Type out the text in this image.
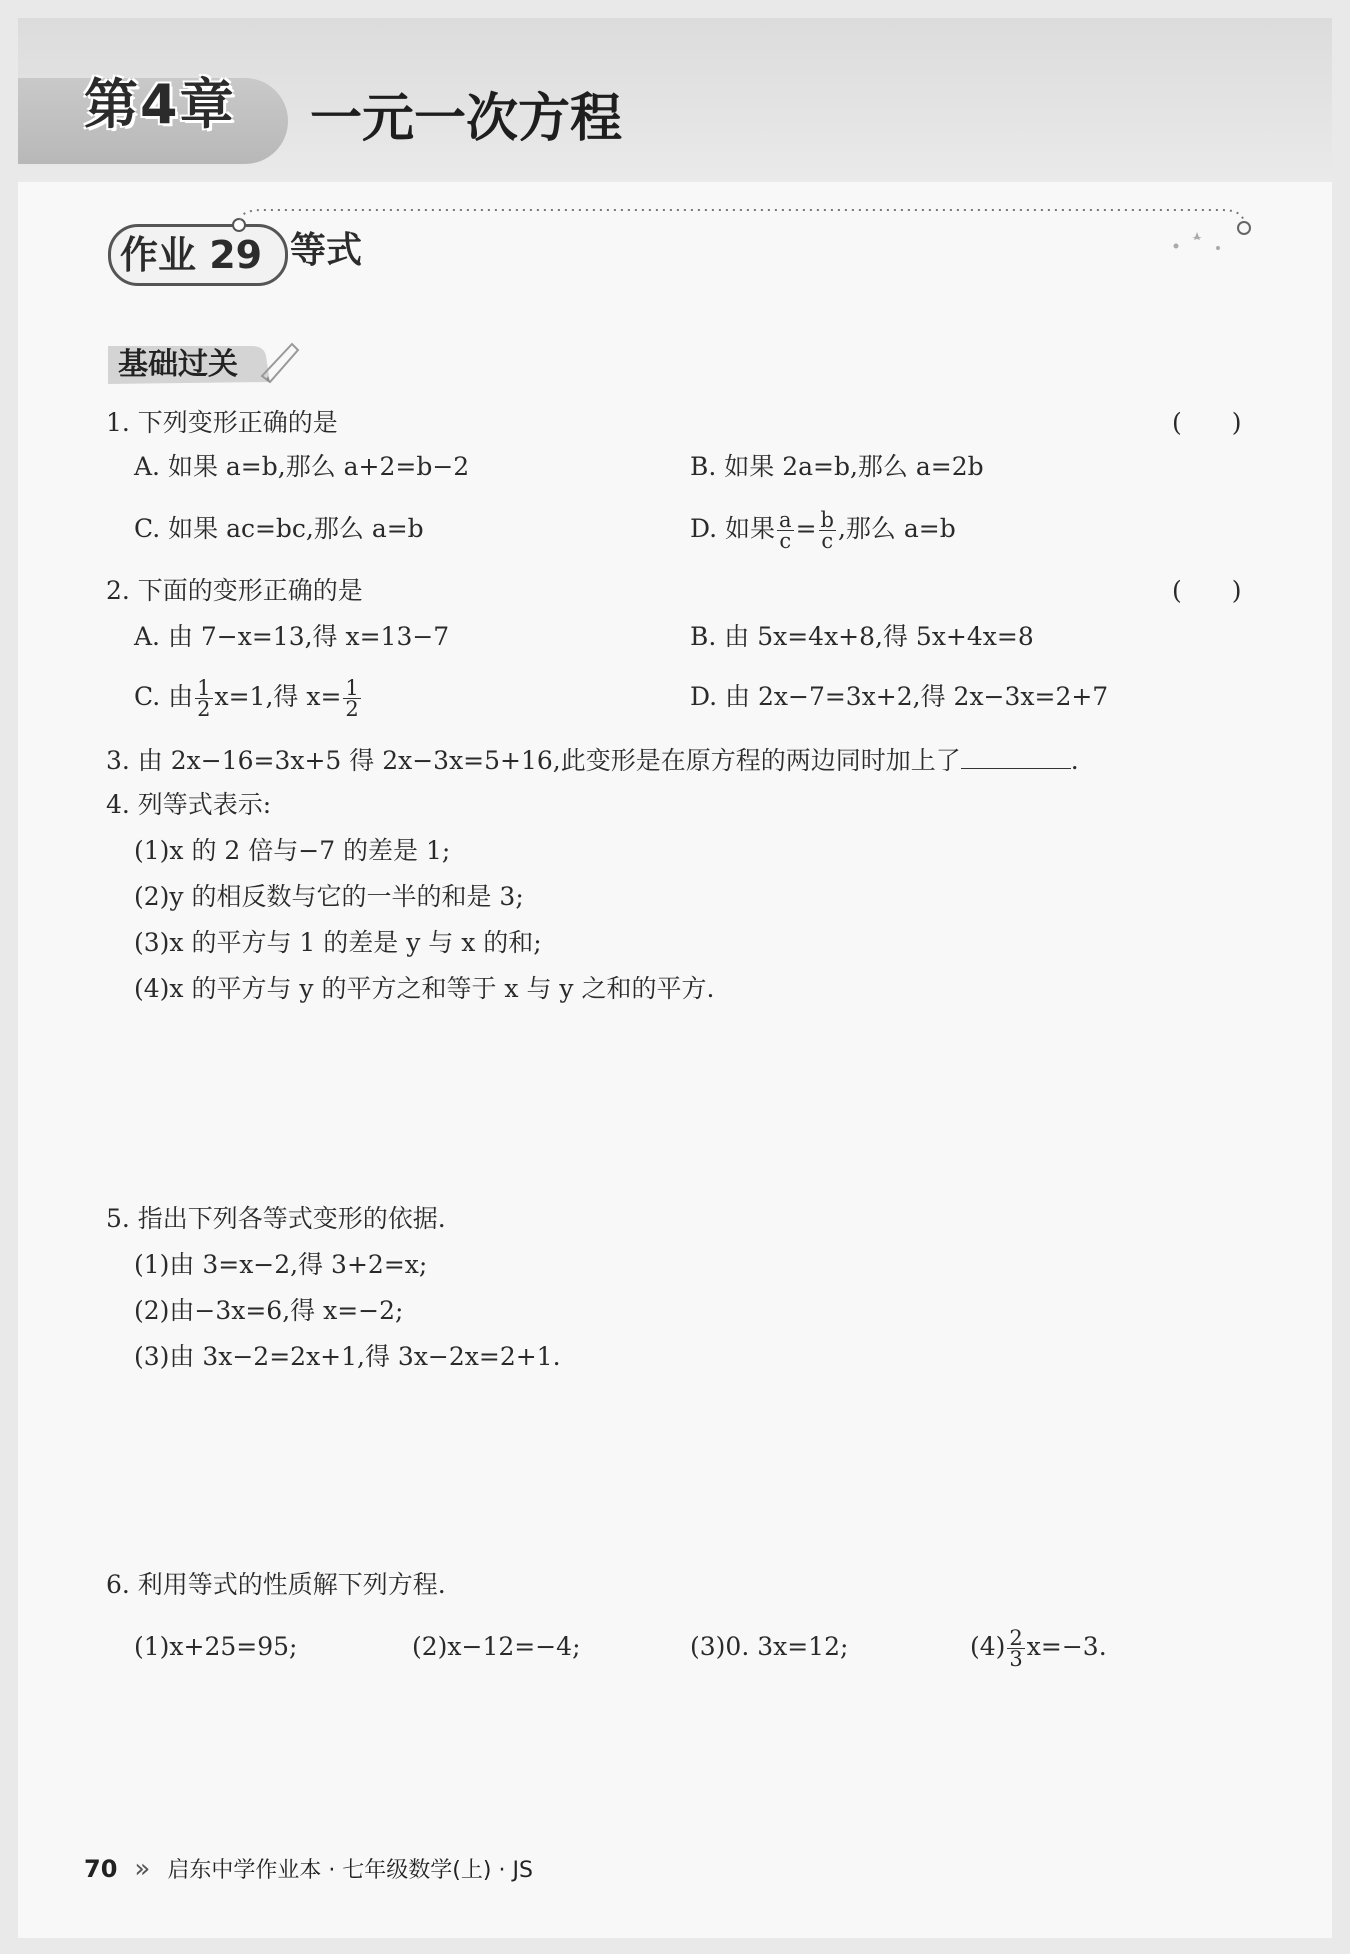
第4章 一元一次方程
作业 29 等式
基础过关
1. 下列变形正确的是	(　　)
A. 如果 a=b,那么 a+2=b−2	B. 如果 2a=b,那么 a=2b
C. 如果 ac=bc,那么 a=b	D. 如果 $\frac{a}{c} = \frac{b}{c}$ ,那么 a=b
2. 下面的变形正确的是	(　　)
A. 由 7−x=13,得 x=13−7	B. 由 5x=4x+8,得 5x+4x=8
C. 由 $\frac{1}{2} x=1$,得 $x= \frac{1}{2}$	D. 由 2x−7=3x+2,得 2x−3x=2+7
3. 由 2x−16=3x+5 得 2x−3x=5+16,此变形是在原方程的两边同时加上了	.
4. 列等式表示:
(1)x 的 2 倍与−7 的差是 1;
(2)y 的相反数与它的一半的和是 3;
(3)x 的平方与 1 的差是 y 与 x 的和;
(4)x 的平方与 y 的平方之和等于 x 与 y 之和的平方.
5. 指出下列各等式变形的依据.
(1)由 3=x−2,得 3+2=x;
(2)由−3x=6,得 x=−2;
(3)由 3x−2=2x+1,得 3x−2x=2+1.
6. 利用等式的性质解下列方程.
(1)x+25=95;	(2)x−12=−4;	(3)0. 3x=12;	$(4) \frac{2}{3} x=-3$.
70 » 启东中学作业本 · 七年级数学(上) · JS
